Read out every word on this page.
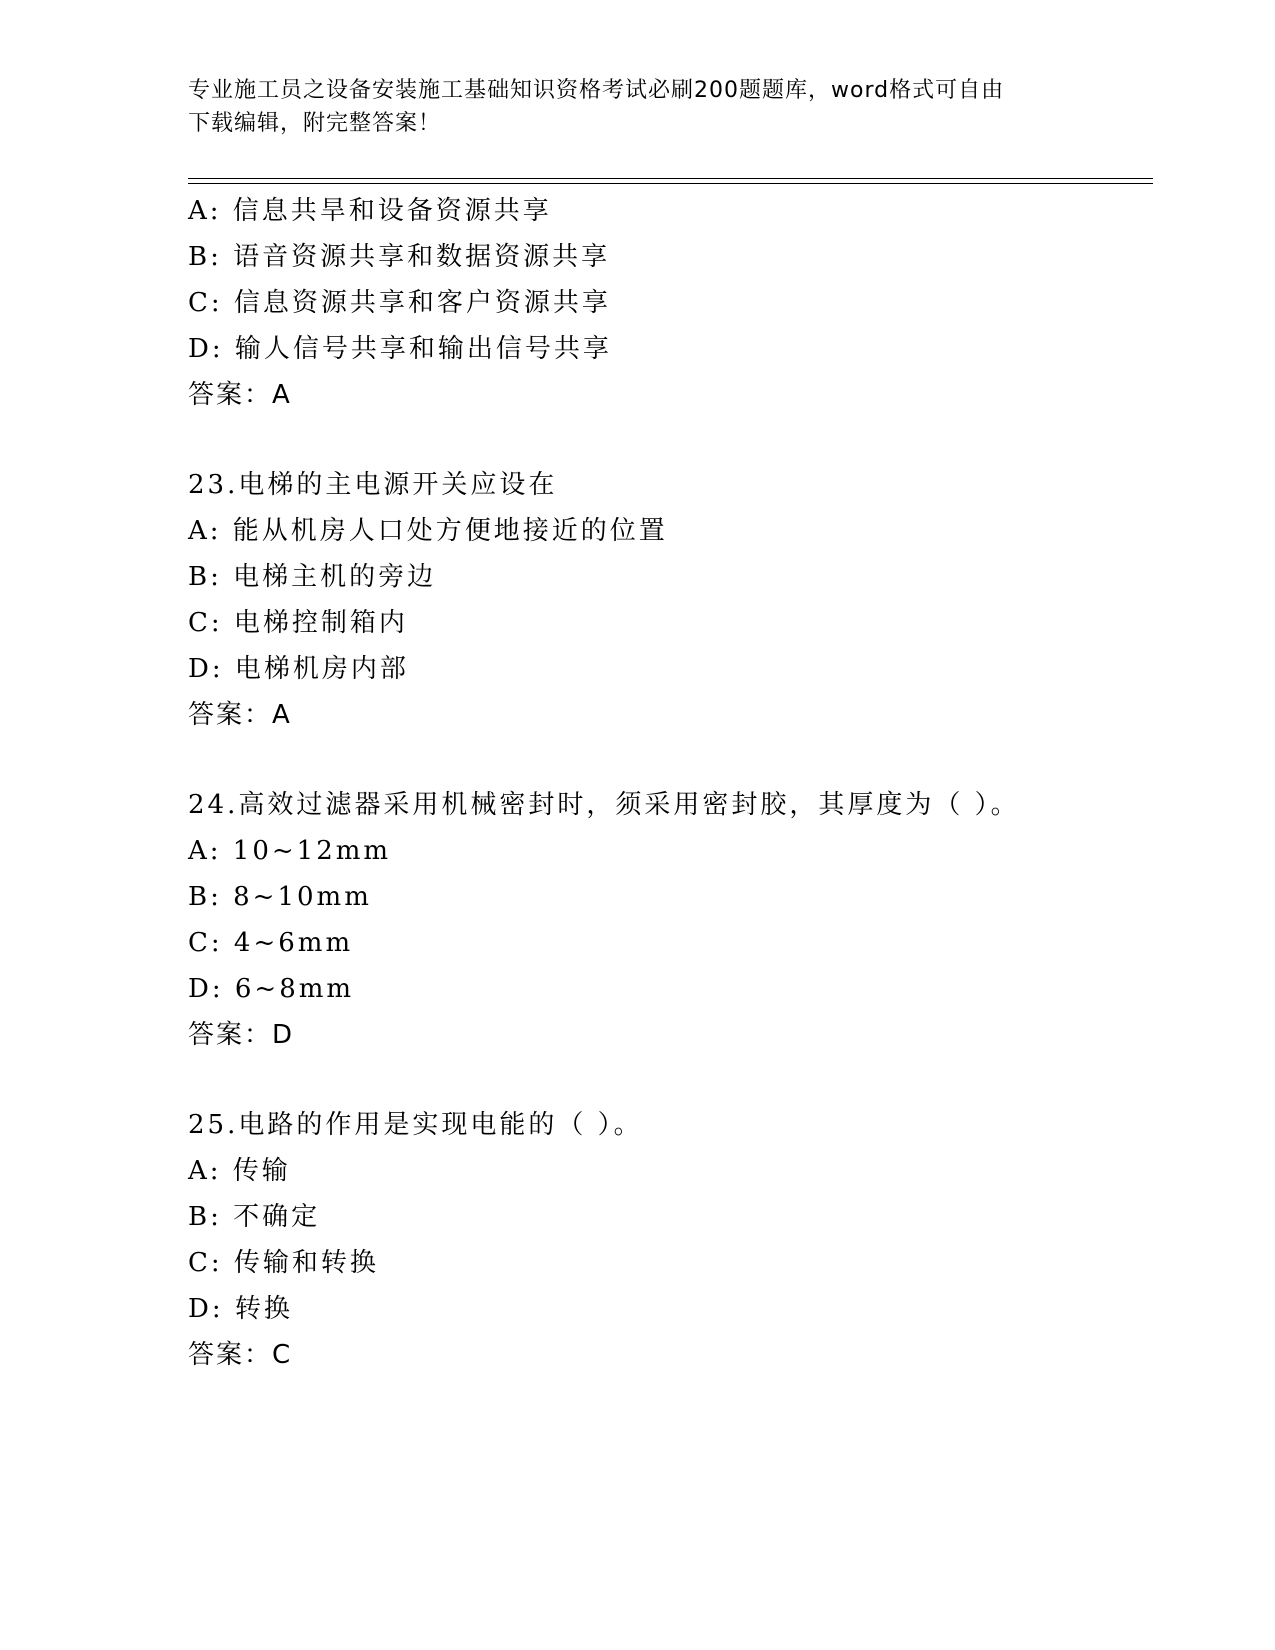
专业施工员之设备安装施工基础知识资格考试必刷200题题库，word格式可自由
下载编辑，附完整答案！
A: 信息共旱和设备资源共享
B: 语音资源共享和数据资源共享
C: 信息资源共享和客户资源共享
D: 输人信号共享和输出信号共享
答案：A
23.电梯的主电源开关应设在
A: 能从机房人口处方便地接近的位置
B: 电梯主机的旁边
C: 电梯控制箱内
D: 电梯机房内部
答案：A
24.高效过滤器采用机械密封时，须采用密封胶，其厚度为（ ）。
A: 10~12mm
B: 8~10mm
C: 4~6mm
D: 6~8mm
答案：D
25.电路的作用是实现电能的（ ）。
A: 传输
B: 不确定
C: 传输和转换
D: 转换
答案：C
